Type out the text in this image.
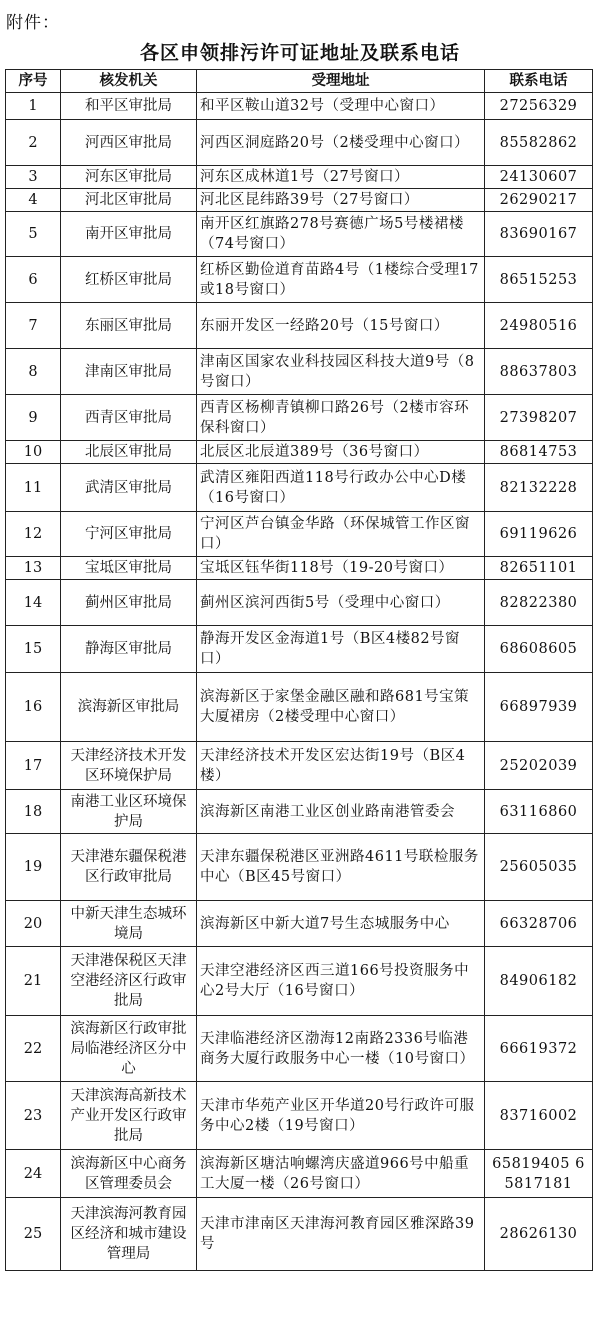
附件：
各区申领排污许可证地址及联系电话
序号	核发机关	受理地址	联系电话
1	和平区审批局	和平区鞍山道32号（受理中心窗口）	27256329
2	河西区审批局	河西区洞庭路20号（2楼受理中心窗口）	85582862
3	河东区审批局	河东区成林道1号（27号窗口）	24130607
4	河北区审批局	河北区昆纬路39号（27号窗口）	26290217
5	南开区审批局	南开区红旗路278号赛德广场5号楼裙楼（74号窗口）	83690167
6	红桥区审批局	红桥区勤俭道育苗路4号（1楼综合受理17或18号窗口）	86515253
7	东丽区审批局	东丽开发区一经路20号（15号窗口）	24980516
8	津南区审批局	津南区国家农业科技园区科技大道9号（8号窗口）	88637803
9	西青区审批局	西青区杨柳青镇柳口路26号（2楼市容环保科窗口）	27398207
10	北辰区审批局	北辰区北辰道389号（36号窗口）	86814753
11	武清区审批局	武清区雍阳西道118号行政办公中心D楼（16号窗口）	82132228
12	宁河区审批局	宁河区芦台镇金华路（环保城管工作区窗口）	69119626
13	宝坻区审批局	宝坻区钰华街118号（19-20号窗口）	82651101
14	蓟州区审批局	蓟州区滨河西街5号（受理中心窗口）	82822380
15	静海区审批局	静海开发区金海道1号（B区4楼82号窗口）	68608605
16	滨海新区审批局	滨海新区于家堡金融区融和路681号宝策大厦裙房（2楼受理中心窗口）	66897939
17	天津经济技术开发区环境保护局	天津经济技术开发区宏达街19号（B区4楼）	25202039
18	南港工业区环境保护局	滨海新区南港工业区创业路南港管委会	63116860
19	天津港东疆保税港区行政审批局	天津东疆保税港区亚洲路4611号联检服务中心（B区45号窗口）	25605035
20	中新天津生态城环境局	滨海新区中新大道7号生态城服务中心	66328706
21	天津港保税区天津空港经济区行政审批局	天津空港经济区西三道166号投资服务中心2号大厅（16号窗口）	84906182
22	滨海新区行政审批局临港经济区分中心	天津临港经济区渤海12南路2336号临港商务大厦行政服务中心一楼（10号窗口）	66619372
23	天津滨海高新技术产业开发区行政审批局	天津市华苑产业区开华道20号行政许可服务中心2楼（19号窗口）	83716002
24	滨海新区中心商务区管理委员会	滨海新区塘沽响螺湾庆盛道966号中船重工大厦一楼（26号窗口）	65819405 65817181
25	天津滨海河教育园区经济和城市建设管理局	天津市津南区天津海河教育园区雅深路39号	28626130
